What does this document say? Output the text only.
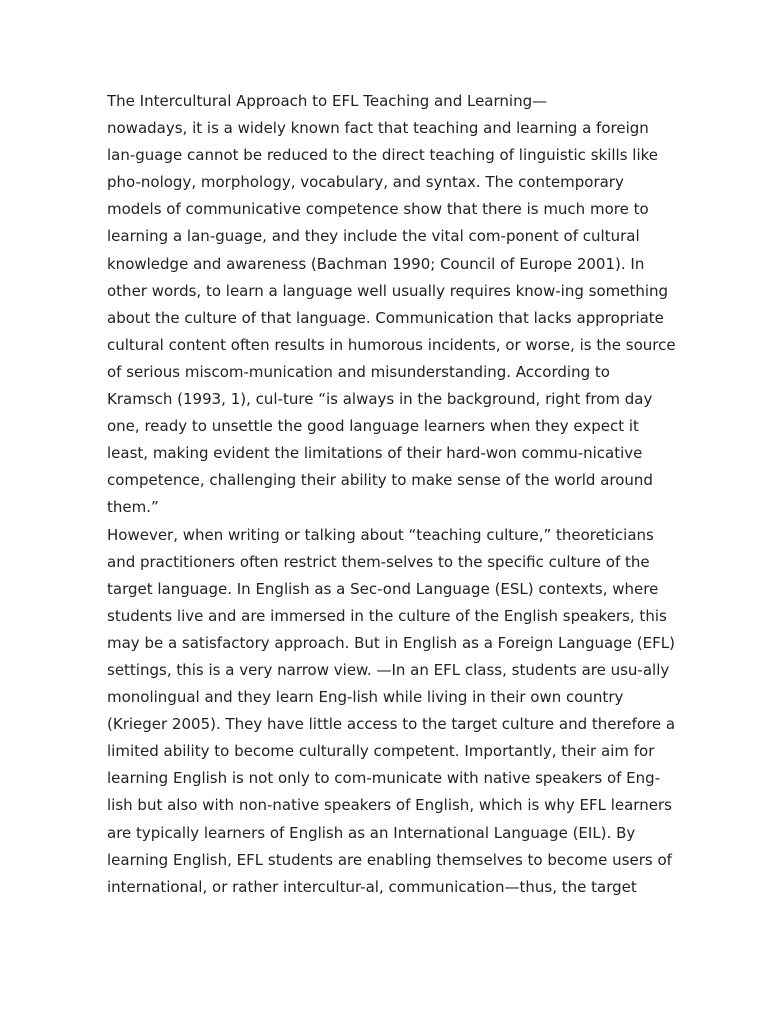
The Intercultural Approach to EFL Teaching and Learning—
nowadays, it is a widely known fact that teaching and learning a foreign
lan-guage cannot be reduced to the direct teaching of linguistic skills like
pho-nology, morphology, vocabulary, and syntax. The contemporary
models of communicative competence show that there is much more to
learning a lan-guage, and they include the vital com-ponent of cultural
knowledge and awareness (Bachman 1990; Council of Europe 2001). In
other words, to learn a language well usually requires know-ing something
about the culture of that language. Communication that lacks appropriate
cultural content often results in humorous incidents, or worse, is the source
of serious miscom-munication and misunderstanding. According to
Kramsch (1993, 1), cul-ture “is always in the background, right from day
one, ready to unsettle the good language learners when they expect it
least, making evident the limitations of their hard-won commu-nicative
competence, challenging their ability to make sense of the world around
them.”
However, when writing or talking about “teaching culture,” theoreticians
and practitioners often restrict them-selves to the specific culture of the
target language. In English as a Sec-ond Language (ESL) contexts, where
students live and are immersed in the culture of the English speakers, this
may be a satisfactory approach. But in English as a Foreign Language (EFL)
settings, this is a very narrow view. —In an EFL class, students are usu-ally
monolingual and they learn Eng-lish while living in their own country
(Krieger 2005). They have little access to the target culture and therefore a
limited ability to become culturally competent. Importantly, their aim for
learning English is not only to com-municate with native speakers of Eng-
lish but also with non-native speakers of English, which is why EFL learners
are typically learners of English as an International Language (EIL). By
learning English, EFL students are enabling themselves to become users of
international, or rather intercultur-al, communication—thus, the target
